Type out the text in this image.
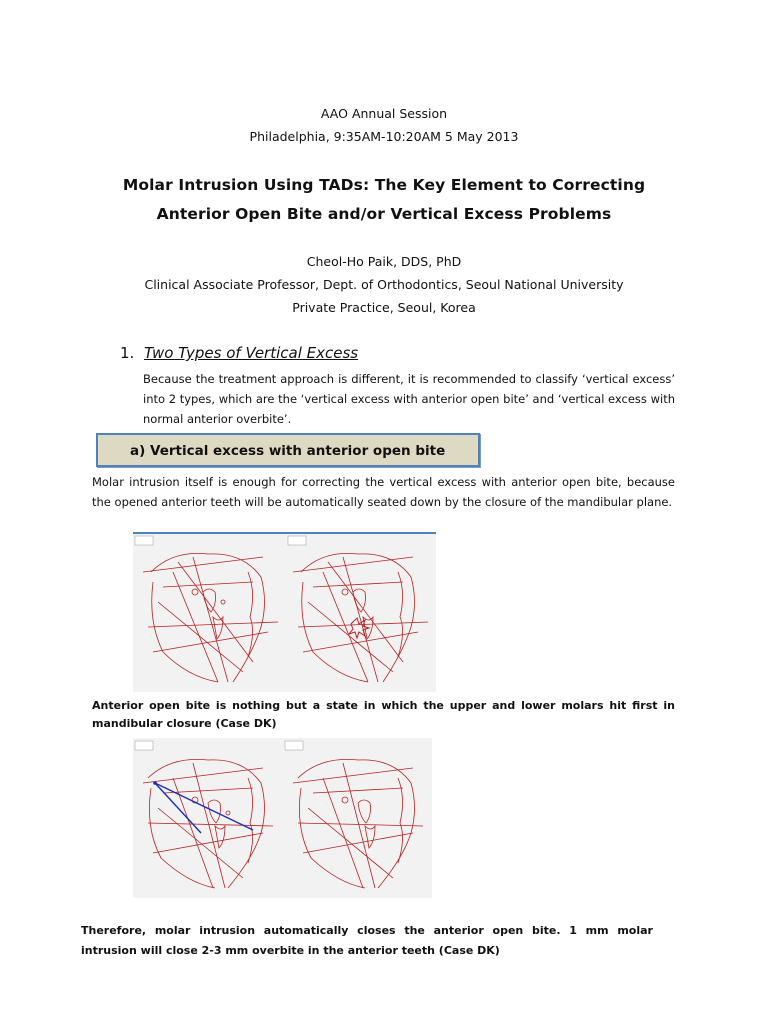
AAO Annual Session
Philadelphia, 9:35AM-10:20AM 5 May 2013
Molar Intrusion Using TADs: The Key Element to Correcting
Anterior Open Bite and/or Vertical Excess Problems
Cheol-Ho Paik, DDS, PhD
Clinical Associate Professor, Dept. of Orthodontics, Seoul National University
Private Practice, Seoul, Korea
1. Two Types of Vertical Excess
Because the treatment approach is different, it is recommended to classify ‘vertical excess’ into 2 types, which are the ‘vertical excess with anterior open bite’ and ‘vertical excess with normal anterior overbite’.
a) Vertical excess with anterior open bite
Molar intrusion itself is enough for correcting the vertical excess with anterior open bite, because the opened anterior teeth will be automatically seated down by the closure of the mandibular plane.
Anterior open bite is nothing but a state in which the upper and lower molars hit first in mandibular closure (Case DK)
Therefore, molar intrusion automatically closes the anterior open bite. 1 mm molar intrusion will close 2-3 mm overbite in the anterior teeth (Case DK)
